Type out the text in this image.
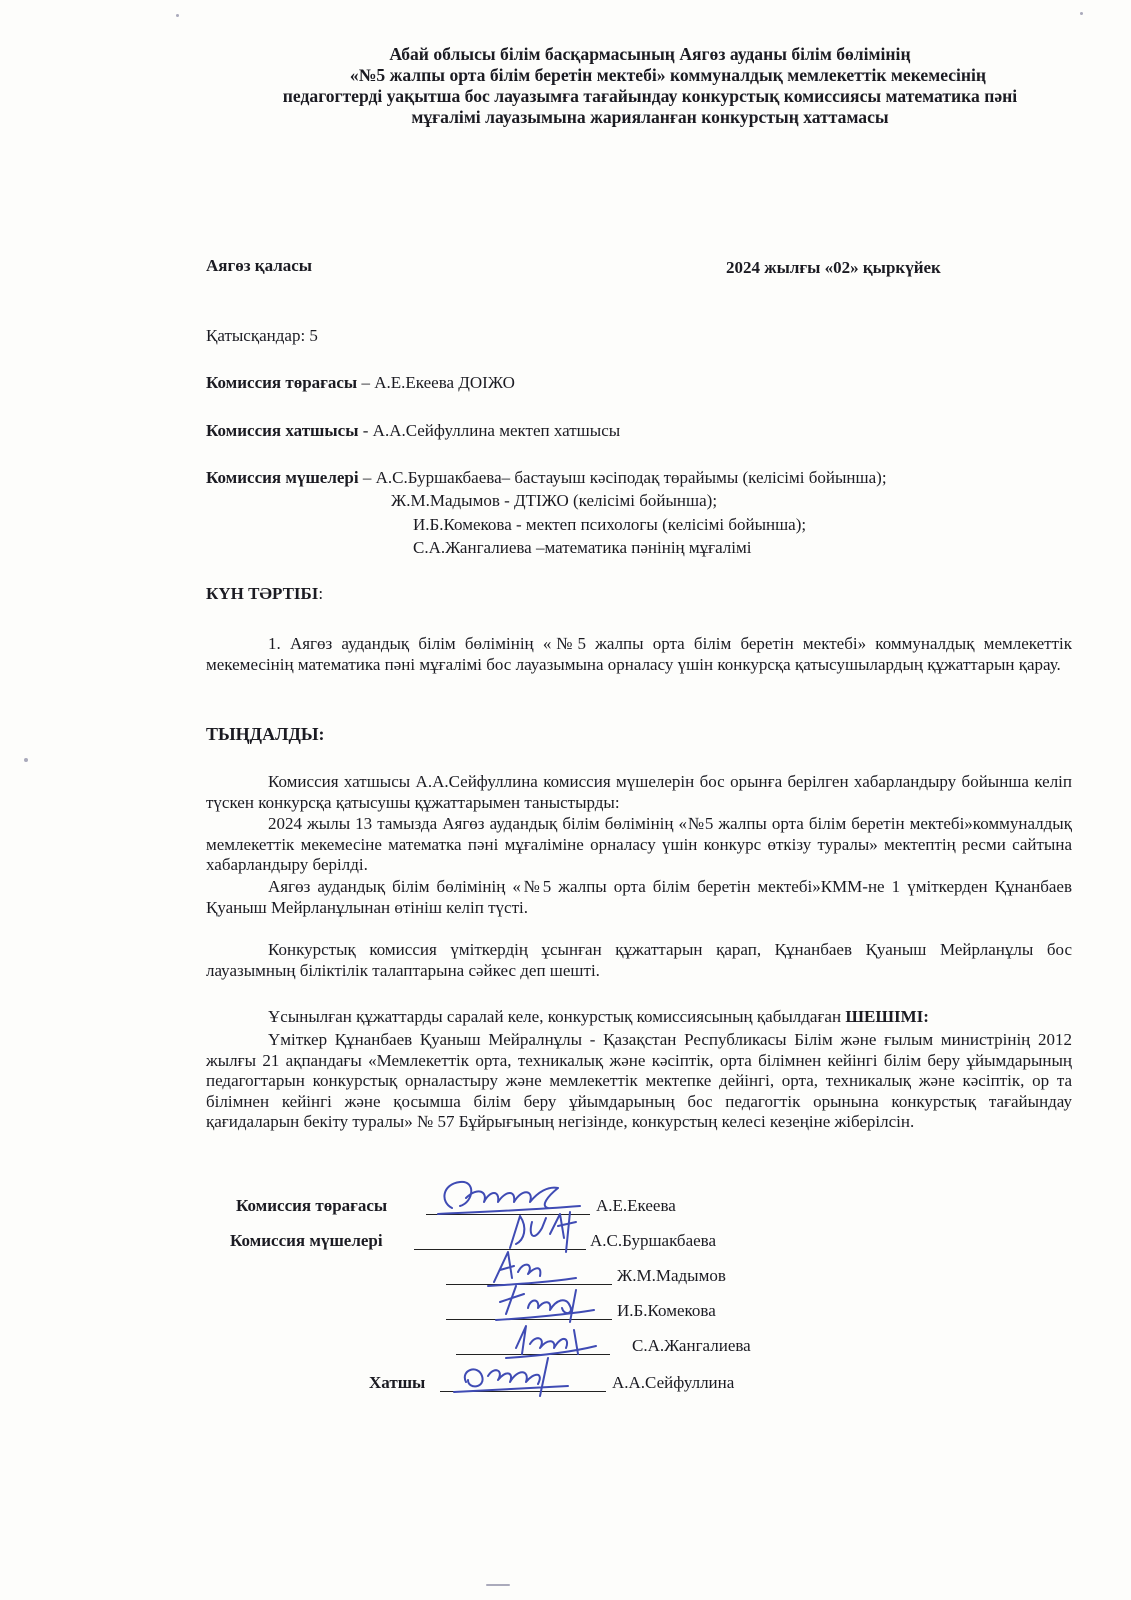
Абай облысы білім басқармасының Аягөз ауданы білім бөлімінің
«№5 жалпы орта білім беретін мектебі» коммуналдық мемлекеттік мекемесінің
педагогтерді уақытша бос лауазымға тағайындау конкурстық комиссиясы математика пәні
мұғалімі лауазымына жарияланған конкурстың хаттамасы
Аягөз қаласы	2024 жылғы «02» қыркүйек
Қатысқандар: 5
Комиссия төрағасы – А.Е.Екеева ДОІЖО
Комиссия хатшысы - А.А.Сейфуллина мектеп хатшысы
Комиссия мүшелері – А.С.Буршакбаева– бастауыш кәсіподақ төрайымы (келісімі бойынша);
Ж.М.Мадымов - ДТІЖО (келісімі бойынша);
И.Б.Комекова - мектеп психологы (келісімі бойынша);
С.А.Жангалиева –математика пәнінің мұғалімі
КҮН ТӘРТІБІ:
1. Аягөз аудандық білім бөлімінің «№5 жалпы орта білім беретін мектебі» коммуналдық мемлекеттік мекемесінің математика пәні мұғалімі бос лауазымына орналасу үшін конкурсқа қатысушылардың құжаттарын қарау.
ТЫҢДАЛДЫ:
Комиссия хатшысы А.А.Сейфуллина комиссия мүшелерін бос орынға берілген хабарландыру бойынша келіп түскен конкурсқа қатысушы құжаттарымен таныстырды:
2024 жылы 13 тамызда Аягөз аудандық білім бөлімінің «№5 жалпы орта білім беретін мектебі»коммуналдық мемлекеттік мекемесіне математка пәні мұғаліміне орналасу үшін конкурс өткізу туралы» мектептің ресми сайтына хабарландыру берілді.
Аягөз аудандық білім бөлімінің «№5 жалпы орта білім беретін мектебі»КММ-не 1 үміткерден Құнанбаев Қуаныш Мейрланұлынан өтініш келіп түсті.
Конкурстық комиссия үміткердің ұсынған құжаттарын қарап, Құнанбаев Қуаныш Мейрланұлы бос лауазымның біліктілік талаптарына сәйкес деп шешті.
Ұсынылған құжаттарды саралай келе, конкурстық комиссиясының қабылдаған ШЕШІМІ:
Үміткер Құнанбаев Қуаныш Мейралнұлы - Қазақстан Республикасы Білім және ғылым министрінің 2012 жылғы 21 ақпандағы «Мемлекеттік орта, техникалық және кәсіптік, орта білімнен кейінгі білім беру ұйымдарының педагогтарын конкурстық орналастыру және мемлекеттік мектепке дейінгі, орта, техникалық және кәсіптік, ор та білімнен кейінгі және қосымша білім беру ұйымдарының бос педагогтік орынына конкурстық тағайындау қағидаларын бекіту туралы» № 57 Бұйрығының негізінде, конкурстың келесі кезеңіне жіберілсін.
Комиссия төрағасы	А.Е.Екеева
Комиссия мүшелері	А.С.Буршакбаева
Ж.М.Мадымов
И.Б.Комекова
С.А.Жангалиева
Хатшы	А.А.Сейфуллина
